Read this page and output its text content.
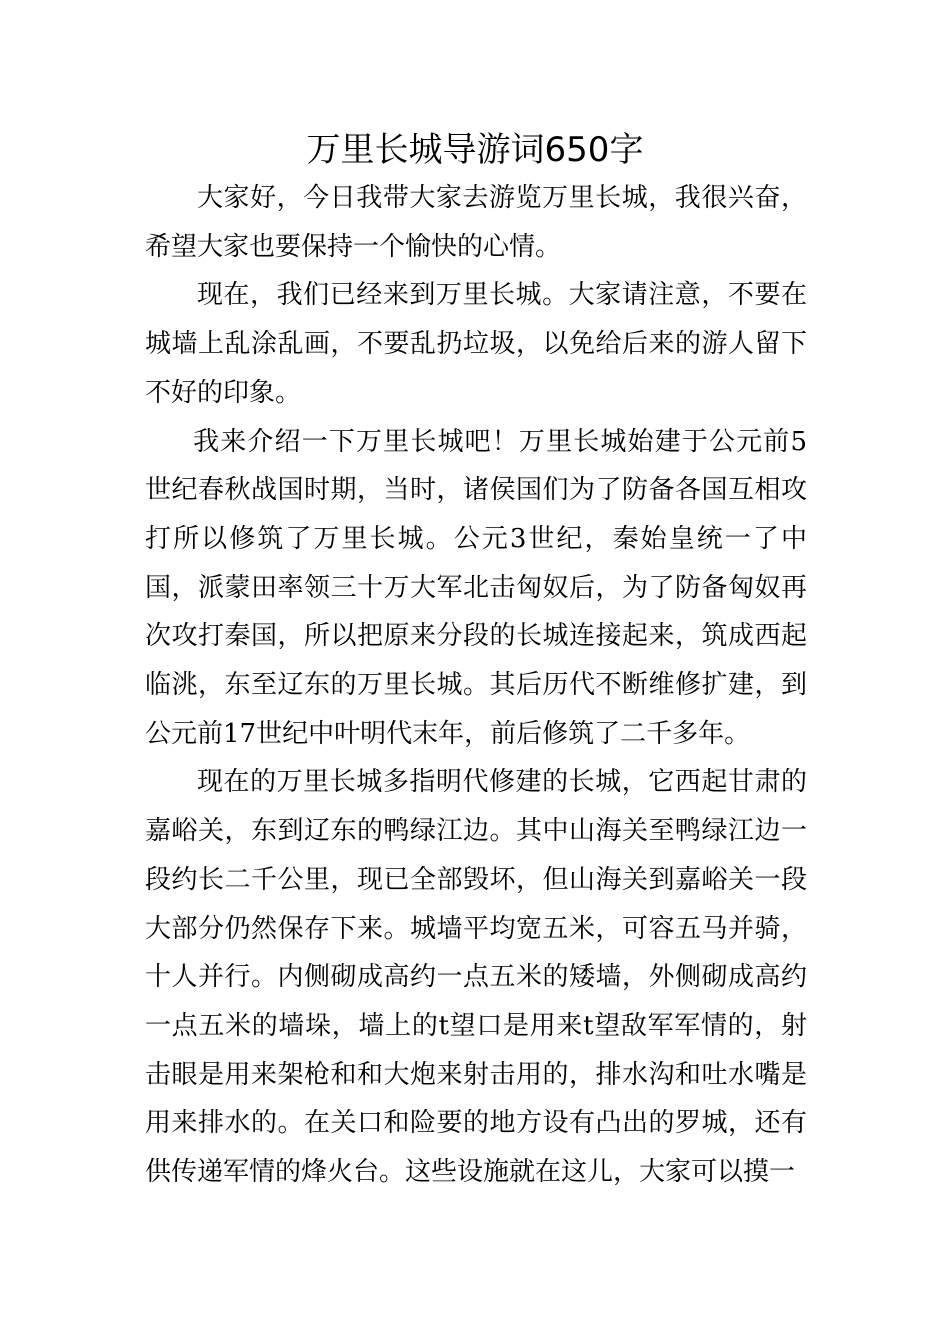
万里长城导游词650字

大家好，今日我带大家去游览万里长城，我很兴奋，希望大家也要保持一个愉快的心情。

现在，我们已经来到万里长城。大家请注意，不要在城墙上乱涂乱画，不要乱扔垃圾，以免给后来的游人留下不好的印象。

我来介绍一下万里长城吧！万里长城始建于公元前5世纪春秋战国时期，当时，诸侯国们为了防备各国互相攻打所以修筑了万里长城。公元3世纪，秦始皇统一了中国，派蒙田率领三十万大军北击匈奴后，为了防备匈奴再次攻打秦国，所以把原来分段的长城连接起来，筑成西起临洮，东至辽东的万里长城。其后历代不断维修扩建，到公元前17世纪中叶明代末年，前后修筑了二千多年。

现在的万里长城多指明代修建的长城，它西起甘肃的嘉峪关，东到辽东的鸭绿江边。其中山海关至鸭绿江边一段约长二千公里，现已全部毁坏，但山海关到嘉峪关一段大部分仍然保存下来。城墙平均宽五米，可容五马并骑，十人并行。内侧砌成高约一点五米的矮墙，外侧砌成高约一点五米的墙垛，墙上的t望口是用来t望敌军军情的，射击眼是用来架枪和和大炮来射击用的，排水沟和吐水嘴是用来排水的。在关口和险要的地方设有凸出的罗城，还有供传递军情的烽火台。这些设施就在这儿，大家可以摸一
